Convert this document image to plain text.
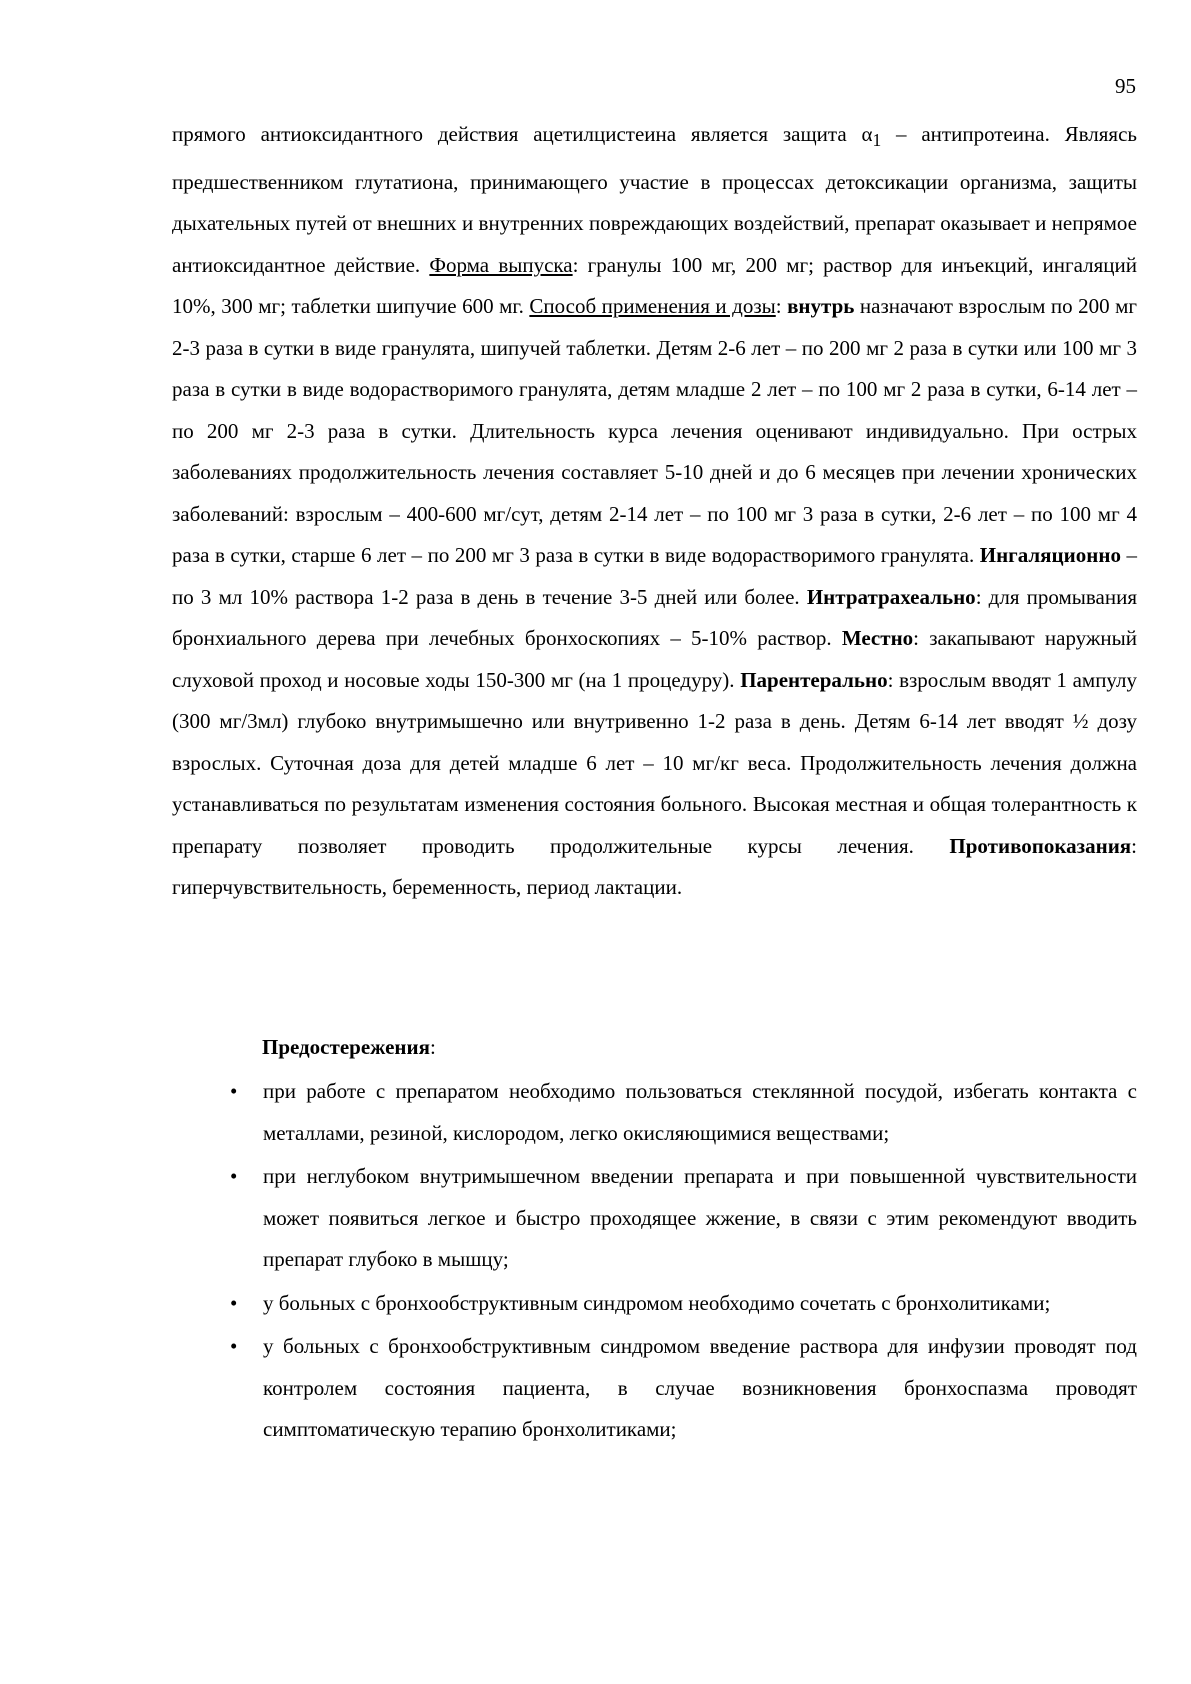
95

прямого антиоксидантного действия ацетилцистеина является защита $\alpha_1$ – антипротеина. Являясь предшественником глутатиона, принимающего участие в процессах детоксикации организма, защиты дыхательных путей от внешних и внутренних повреждающих воздействий, препарат оказывает и непрямое антиоксидантное действие. Форма выпуска: гранулы 100 мг, 200 мг; раствор для инъекций, ингаляций 10%, 300 мг; таблетки шипучие 600 мг. Способ применения и дозы: внутрь назначают взрослым по 200 мг 2-3 раза в сутки в виде гранулята, шипучей таблетки. Детям 2-6 лет – по 200 мг 2 раза в сутки или 100 мг 3 раза в сутки в виде водорастворимого гранулята, детям младше 2 лет – по 100 мг 2 раза в сутки, 6-14 лет – по 200 мг 2-3 раза в сутки. Длительность курса лечения оценивают индивидуально. При острых заболеваниях продолжительность лечения составляет 5-10 дней и до 6 месяцев при лечении хронических заболеваний: взрослым – 400-600 мг/сут, детям 2-14 лет – по 100 мг 3 раза в сутки, 2-6 лет – по 100 мг 4 раза в сутки, старше 6 лет – по 200 мг 3 раза в сутки в виде водорастворимого гранулята. Ингаляционно – по 3 мл 10% раствора 1-2 раза в день в течение 3-5 дней или более. Интратрахеально: для промывания бронхиального дерева при лечебных бронхоскопиях – 5-10% раствор. Местно: закапывают наружный слуховой проход и носовые ходы 150-300 мг (на 1 процедуру). Парентерально: взрослым вводят 1 ампулу (300 мг/3мл) глубоко внутримышечно или внутривенно 1-2 раза в день. Детям 6-14 лет вводят ½ дозу взрослых. Суточная доза для детей младше 6 лет – 10 мг/кг веса. Продолжительность лечения должна устанавливаться по результатам изменения состояния больного. Высокая местная и общая толерантность к препарату позволяет проводить продолжительные курсы лечения. Противопоказания: гиперчувствительность, беременность, период лактации.

Предостережения:

• при работе с препаратом необходимо пользоваться стеклянной посудой, избегать контакта с металлами, резиной, кислородом, легко окисляющимися веществами;
• при неглубоком внутримышечном введении препарата и при повышенной чувствительности может появиться легкое и быстро проходящее жжение, в связи с этим рекомендуют вводить препарат глубоко в мышцу;
• у больных с бронхообструктивным синдромом необходимо сочетать с бронхолитиками;
• у больных с бронхообструктивным синдромом введение раствора для инфузии проводят под контролем состояния пациента, в случае возникновения бронхоспазма проводят симптоматическую терапию бронхолитиками;
